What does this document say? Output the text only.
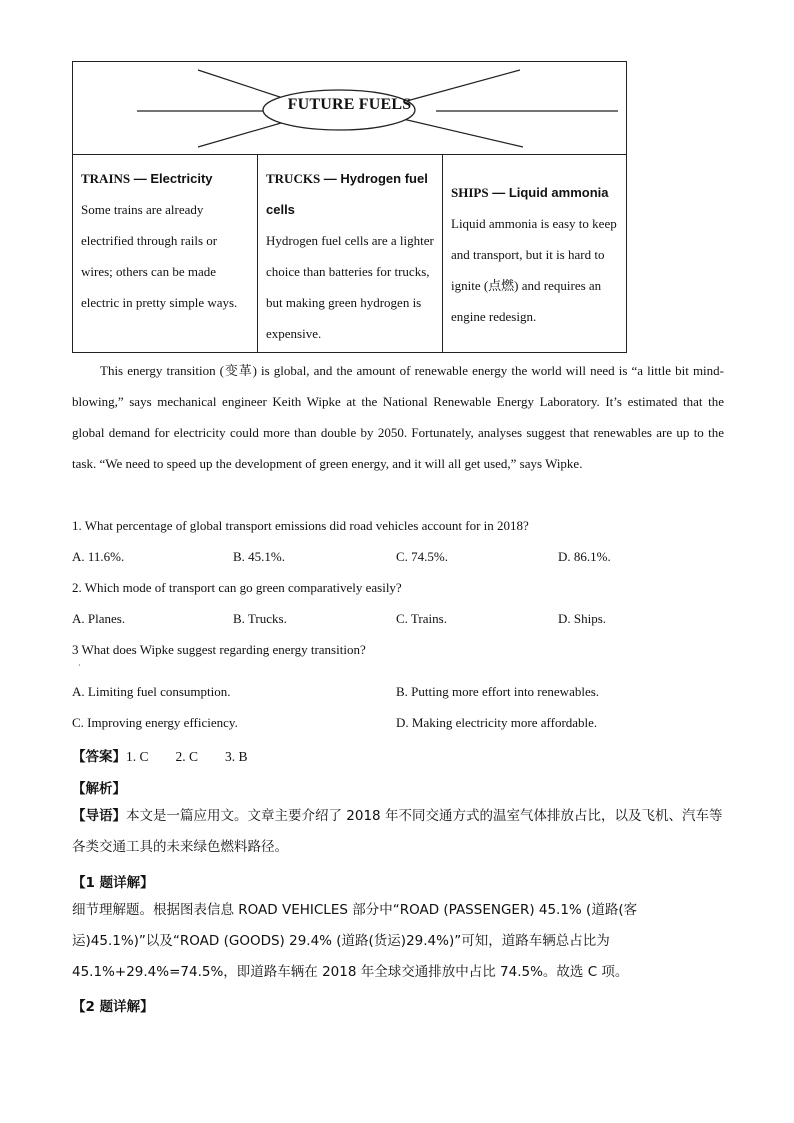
FUTURE FUELS
TRAINS — Electricity
Some trains are already electrified through rails or wires; others can be made electric in pretty simple ways.
TRUCKS — Hydrogen fuel cells
Hydrogen fuel cells are a lighter choice than batteries for trucks, but making green hydrogen is expensive.
SHIPS — Liquid ammonia
Liquid ammonia is easy to keep and transport, but it is hard to ignite (点燃) and requires an engine redesign.
This energy transition (变革) is global, and the amount of renewable energy the world will need is “a little bit mind-blowing,” says mechanical engineer Keith Wipke at the National Renewable Energy Laboratory. It’s estimated that the global demand for electricity could more than double by 2050. Fortunately, analyses suggest that renewables are up to the task. “We need to speed up the development of green energy, and it will all get used,” says Wipke.
1. What percentage of global transport emissions did road vehicles account for in 2018?
A. 11.6%.	B. 45.1%.	C. 74.5%.	D. 86.1%.
2. Which mode of transport can go green comparatively easily?
A. Planes.	B. Trucks.	C. Trains.	D. Ships.
3 What does Wipke suggest regarding energy transition?
·
A. Limiting fuel consumption.	B. Putting more effort into renewables.
C. Improving energy efficiency.	D. Making electricity more affordable.
【答案】1. C        2. C        3. B
【解析】
【导语】本文是一篇应用文。文章主要介绍了 2018 年不同交通方式的温室气体排放占比，以及飞机、汽车等各类交通工具的未来绿色燃料路径。
【1 题详解】
细节理解题。根据图表信息 ROAD VEHICLES 部分中“ROAD (PASSENGER) 45.1% (道路(客运)45.1%)”以及“ROAD (GOODS) 29.4% (道路(货运)29.4%)”可知，道路车辆总占比为 45.1%+29.4%=74.5%，即道路车辆在 2018 年全球交通排放中占比 74.5%。故选 C 项。
【2 题详解】
